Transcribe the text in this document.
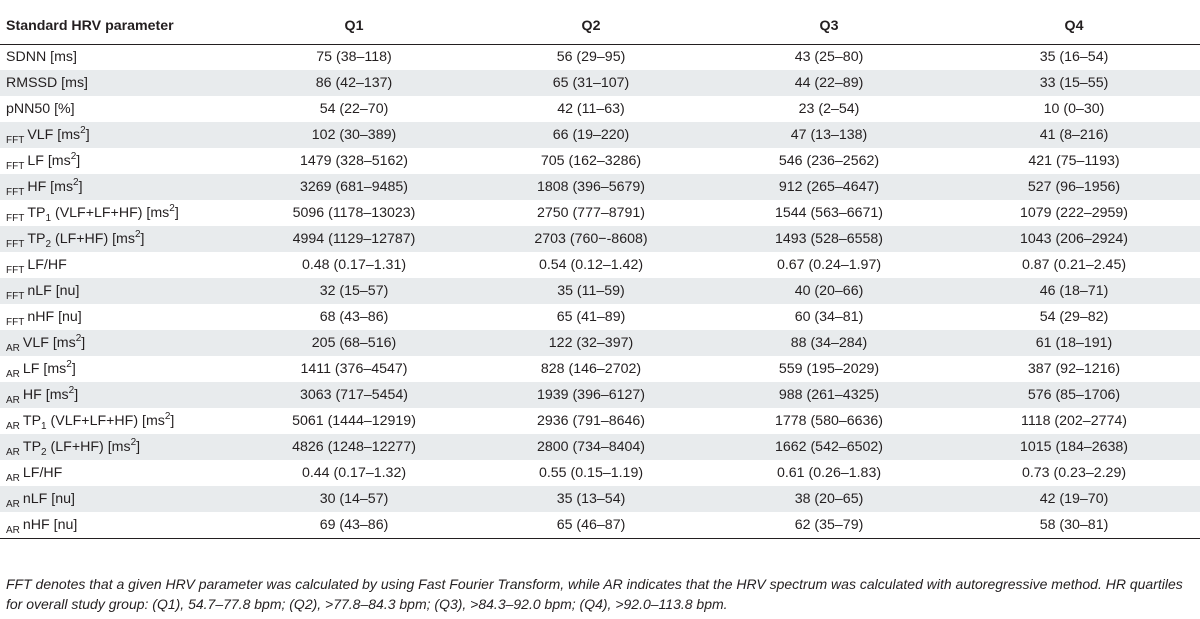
Standard HRV parameter	Q1	Q2	Q3	Q4
SDNN [ms]	75 (38–118)	56 (29–95)	43 (25–80)	35 (16–54)
RMSSD [ms]	86 (42–137)	65 (31–107)	44 (22–89)	33 (15–55)
pNN50 [%]	54 (22–70)	42 (11–63)	23 (2–54)	10 (0–30)
$_{FFT}$ VLF $[ms^2]$	102 (30–389)	66 (19–220)	47 (13–138)	41 (8–216)
$_{FFT}$ LF $[ms^2]$	1479 (328–5162)	705 (162–3286)	546 (236–2562)	421 (75–1193)
$_{FFT}$ HF $[ms^2]$	3269 (681–9485)	1808 (396–5679)	912 (265–4647)	527 (96–1956)
$_{FFT}$ $TP_1$ (VLF+LF+HF) $[ms^2]$	5096 (1178–13023)	2750 (777–8791)	1544 (563–6671)	1079 (222–2959)
$_{FFT}$ $TP_2$ (LF+HF) $[ms^2]$	4994 (1129–12787)	2703 (760−-8608)	1493 (528–6558)	1043 (206–2924)
$_{FFT}$ LF/HF	0.48 (0.17–1.31)	0.54 (0.12–1.42)	0.67 (0.24–1.97)	0.87 (0.21–2.45)
$_{FFT}$ nLF [nu]	32 (15–57)	35 (11–59)	40 (20–66)	46 (18–71)
$_{FFT}$ nHF [nu]	68 (43–86)	65 (41–89)	60 (34–81)	54 (29–82)
$_{AR}$ VLF $[ms^2]$	205 (68–516)	122 (32–397)	88 (34–284)	61 (18–191)
$_{AR}$ LF $[ms^2]$	1411 (376–4547)	828 (146–2702)	559 (195–2029)	387 (92–1216)
$_{AR}$ HF $[ms^2]$	3063 (717–5454)	1939 (396–6127)	988 (261–4325)	576 (85–1706)
$_{AR}$ $TP_1$ (VLF+LF+HF) $[ms^2]$	5061 (1444–12919)	2936 (791–8646)	1778 (580–6636)	1118 (202–2774)
$_{AR}$ $TP_2$ (LF+HF) $[ms^2]$	4826 (1248–12277)	2800 (734–8404)	1662 (542–6502)	1015 (184–2638)
$_{AR}$ LF/HF	0.44 (0.17–1.32)	0.55 (0.15–1.19)	0.61 (0.26–1.83)	0.73 (0.23–2.29)
$_{AR}$ nLF [nu]	30 (14–57)	35 (13–54)	38 (20–65)	42 (19–70)
$_{AR}$ nHF [nu]	69 (43–86)	65 (46–87)	62 (35–79)	58 (30–81)
FFT denotes that a given HRV parameter was calculated by using Fast Fourier Transform, while AR indicates that the HRV spectrum was calculated with autoregressive method. HR quartiles for overall study group: (Q1), 54.7–77.8 bpm; (Q2), >77.8–84.3 bpm; (Q3), >84.3–92.0 bpm; (Q4), >92.0–113.8 bpm.
